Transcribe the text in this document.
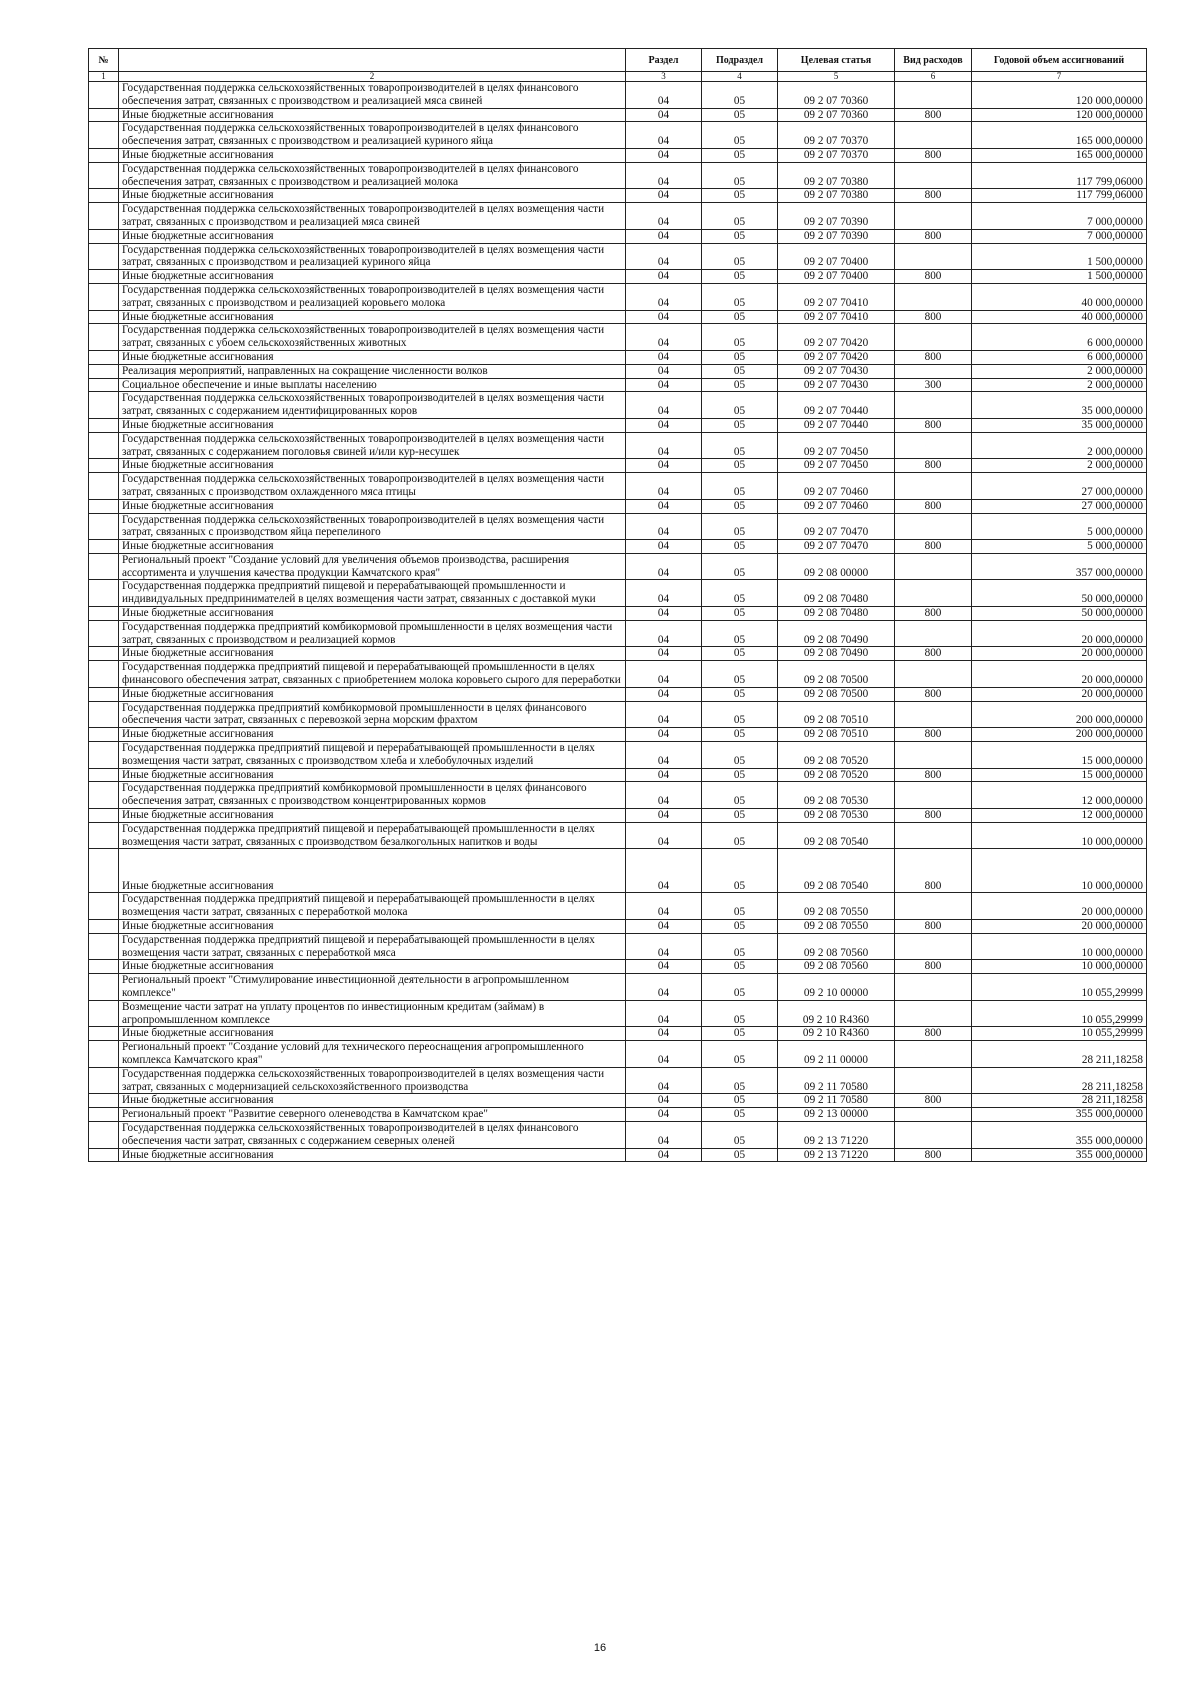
№		Раздел	Подраздел	Целевая статья	Вид расходов	Годовой объем ассигнований
1	2	3	4	5	6	7
	Государственная поддержка сельскохозяйственных товаропроизводителей в целях финансового обеспечения затрат, связанных с производством и реализацией мяса свиней	04	05	09 2 07 70360		120 000,00000
	Иные бюджетные ассигнования	04	05	09 2 07 70360	800	120 000,00000
	Государственная поддержка сельскохозяйственных товаропроизводителей в целях финансового обеспечения затрат, связанных с производством и реализацией куриного яйца	04	05	09 2 07 70370		165 000,00000
	Иные бюджетные ассигнования	04	05	09 2 07 70370	800	165 000,00000
	Государственная поддержка сельскохозяйственных товаропроизводителей в целях финансового обеспечения затрат, связанных с производством и реализацией молока	04	05	09 2 07 70380		117 799,06000
	Иные бюджетные ассигнования	04	05	09 2 07 70380	800	117 799,06000
	Государственная поддержка сельскохозяйственных товаропроизводителей в целях возмещения части затрат, связанных с производством и реализацией мяса свиней	04	05	09 2 07 70390		7 000,00000
	Иные бюджетные ассигнования	04	05	09 2 07 70390	800	7 000,00000
	Государственная поддержка сельскохозяйственных товаропроизводителей в целях возмещения части затрат, связанных с производством и реализацией куриного яйца	04	05	09 2 07 70400		1 500,00000
	Иные бюджетные ассигнования	04	05	09 2 07 70400	800	1 500,00000
	Государственная поддержка сельскохозяйственных товаропроизводителей в целях возмещения части затрат, связанных с производством и реализацией коровьего молока	04	05	09 2 07 70410		40 000,00000
	Иные бюджетные ассигнования	04	05	09 2 07 70410	800	40 000,00000
	Государственная поддержка сельскохозяйственных товаропроизводителей в целях возмещения части затрат, связанных с убоем сельскохозяйственных животных	04	05	09 2 07 70420		6 000,00000
	Иные бюджетные ассигнования	04	05	09 2 07 70420	800	6 000,00000
	Реализация мероприятий, направленных на сокращение численности волков	04	05	09 2 07 70430		2 000,00000
	Социальное обеспечение и иные выплаты населению	04	05	09 2 07 70430	300	2 000,00000
	Государственная поддержка сельскохозяйственных товаропроизводителей в целях возмещения части затрат, связанных с содержанием идентифицированных коров	04	05	09 2 07 70440		35 000,00000
	Иные бюджетные ассигнования	04	05	09 2 07 70440	800	35 000,00000
	Государственная поддержка сельскохозяйственных товаропроизводителей в целях возмещения части затрат, связанных с содержанием поголовья свиней и/или кур-несушек	04	05	09 2 07 70450		2 000,00000
	Иные бюджетные ассигнования	04	05	09 2 07 70450	800	2 000,00000
	Государственная поддержка сельскохозяйственных товаропроизводителей в целях возмещения части затрат, связанных с производством охлажденного мяса птицы	04	05	09 2 07 70460		27 000,00000
	Иные бюджетные ассигнования	04	05	09 2 07 70460	800	27 000,00000
	Государственная поддержка сельскохозяйственных товаропроизводителей в целях возмещения части затрат, связанных с производством яйца перепелиного	04	05	09 2 07 70470		5 000,00000
	Иные бюджетные ассигнования	04	05	09 2 07 70470	800	5 000,00000
	Региональный проект "Создание условий для увеличения объемов производства, расширения ассортимента и улучшения качества продукции Камчатского края"	04	05	09 2 08 00000		357 000,00000
	Государственная поддержка предприятий пищевой и перерабатывающей промышленности и индивидуальных предпринимателей в целях возмещения части затрат, связанных с доставкой муки	04	05	09 2 08 70480		50 000,00000
	Иные бюджетные ассигнования	04	05	09 2 08 70480	800	50 000,00000
	Государственная поддержка предприятий комбикормовой промышленности в целях возмещения части затрат, связанных с производством и реализацией кормов	04	05	09 2 08 70490		20 000,00000
	Иные бюджетные ассигнования	04	05	09 2 08 70490	800	20 000,00000
	Государственная поддержка предприятий пищевой и перерабатывающей промышленности в целях финансового обеспечения затрат, связанных с приобретением молока коровьего сырого для переработки	04	05	09 2 08 70500		20 000,00000
	Иные бюджетные ассигнования	04	05	09 2 08 70500	800	20 000,00000
	Государственная поддержка предприятий комбикормовой промышленности в целях финансового обеспечения части затрат, связанных с перевозкой зерна морским фрахтом	04	05	09 2 08 70510		200 000,00000
	Иные бюджетные ассигнования	04	05	09 2 08 70510	800	200 000,00000
	Государственная поддержка предприятий пищевой и перерабатывающей промышленности в целях возмещения части затрат, связанных с производством хлеба и хлебобулочных изделий	04	05	09 2 08 70520		15 000,00000
	Иные бюджетные ассигнования	04	05	09 2 08 70520	800	15 000,00000
	Государственная поддержка предприятий комбикормовой промышленности в целях финансового обеспечения затрат, связанных с производством концентрированных кормов	04	05	09 2 08 70530		12 000,00000
	Иные бюджетные ассигнования	04	05	09 2 08 70530	800	12 000,00000
	Государственная поддержка предприятий пищевой и перерабатывающей промышленности в целях возмещения части затрат, связанных с производством безалкогольных напитков и воды	04	05	09 2 08 70540		10 000,00000
	Иные бюджетные ассигнования	04	05	09 2 08 70540	800	10 000,00000
	Государственная поддержка предприятий пищевой и перерабатывающей промышленности в целях возмещения части затрат, связанных с переработкой молока	04	05	09 2 08 70550		20 000,00000
	Иные бюджетные ассигнования	04	05	09 2 08 70550	800	20 000,00000
	Государственная поддержка предприятий пищевой и перерабатывающей промышленности в целях возмещения части затрат, связанных с переработкой мяса	04	05	09 2 08 70560		10 000,00000
	Иные бюджетные ассигнования	04	05	09 2 08 70560	800	10 000,00000
	Региональный проект "Стимулирование инвестиционной деятельности в агропромышленном комплексе"	04	05	09 2 10 00000		10 055,29999
	Возмещение части затрат на уплату процентов по инвестиционным кредитам (займам) в агропромышленном комплексе	04	05	09 2 10 R4360		10 055,29999
	Иные бюджетные ассигнования	04	05	09 2 10 R4360	800	10 055,29999
	Региональный проект "Создание условий для технического переоснащения агропромышленного комплекса Камчатского края"	04	05	09 2 11 00000		28 211,18258
	Государственная поддержка сельскохозяйственных товаропроизводителей в целях возмещения части затрат, связанных с модернизацией сельскохозяйственного производства	04	05	09 2 11 70580		28 211,18258
	Иные бюджетные ассигнования	04	05	09 2 11 70580	800	28 211,18258
	Региональный проект "Развитие северного оленеводства в Камчатском крае"	04	05	09 2 13 00000		355 000,00000
	Государственная поддержка сельскохозяйственных товаропроизводителей в целях финансового обеспечения части затрат, связанных с содержанием северных оленей	04	05	09 2 13 71220		355 000,00000
	Иные бюджетные ассигнования	04	05	09 2 13 71220	800	355 000,00000
16
